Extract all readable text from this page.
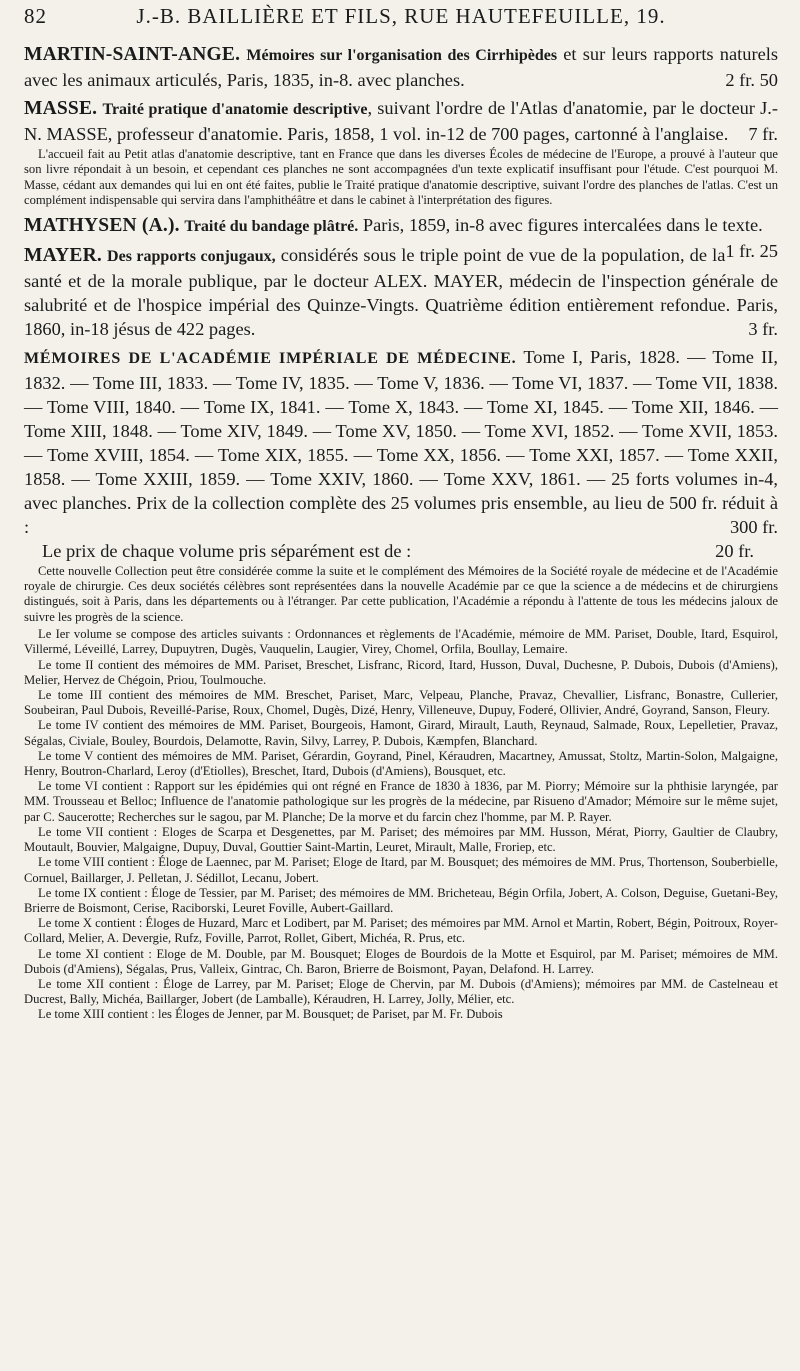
82	J.-B. BAILLIÈRE ET FILS, RUE HAUTEFEUILLE, 19.

MARTIN-SAINT-ANGE. Mémoires sur l'organisation des Cirrhipèdes et sur leurs rapports naturels avec les animaux articulés, Paris, 1835, in-8. avec planches.	2 fr. 50

MASSE. Traité pratique d'anatomie descriptive, suivant l'ordre de l'Atlas d'anatomie, par le docteur J.-N. MASSE, professeur d'anatomie. Paris, 1858, 1 vol. in-12 de 700 pages, cartonné à l'anglaise. 7 fr.

L'accueil fait au Petit atlas d'anatomie descriptive, tant en France que dans les diverses Écoles de médecine de l'Europe, a prouvé à l'auteur que son livre répondait à un besoin, et cependant ces planches ne sont accompagnées d'un texte explicatif insuffisant pour l'étude. C'est pourquoi M. Masse, cédant aux demandes qui lui en ont été faites, publie le Traité pratique d'anatomie descriptive, suivant l'ordre des planches de l'atlas. C'est un complément indispensable qui servira dans l'amphithéâtre et dans le cabinet à l'interprétation des figures.

MATHYSEN (A.). Traité du bandage plâtré. Paris, 1859, in-8 avec figures intercalées dans le texte.
1 fr. 25

MAYER. Des rapports conjugaux, considérés sous le triple point de vue de la population, de la santé et de la morale publique, par le docteur ALEX. MAYER, médecin de l'inspection générale de salubrité et de l'hospice impérial des Quinze-Vingts. Quatrième édition entièrement refondue. Paris, 1860, in-18 jésus de 422 pages.	3 fr.

MÉMOIRES DE L'ACADÉMIE IMPÉRIALE DE MÉDECINE. Tome I, Paris, 1828. — Tome II, 1832. — Tome III, 1833. — Tome IV, 1835. — Tome V, 1836. — Tome VI, 1837. — Tome VII, 1838. — Tome VIII, 1840. — Tome IX, 1841. — Tome X, 1843. — Tome XI, 1845. — Tome XII, 1846. — Tome XIII, 1848. — Tome XIV, 1849. — Tome XV, 1850. — Tome XVI, 1852. — Tome XVII, 1853. — Tome XVIII, 1854. — Tome XIX, 1855. — Tome XX, 1856. — Tome XXI, 1857. — Tome XXII, 1858. — Tome XXIII, 1859. — Tome XXIV, 1860. — Tome XXV, 1861. — 25 forts volumes in-4, avec planches. Prix de la collection complète des 25 volumes pris ensemble, au lieu de 500 fr. réduit à :	300 fr.

Le prix de chaque volume pris séparément est de :	20 fr.

Cette nouvelle Collection peut être considérée comme la suite et le complément des Mémoires de la Société royale de médecine et de l'Académie royale de chirurgie. Ces deux sociétés célèbres sont représentées dans la nouvelle Académie par ce que la science a de médecins et de chirurgiens distingués, soit à Paris, dans les départements ou à l'étranger. Par cette publication, l'Académie a répondu à l'attente de tous les médecins jaloux de suivre les progrès de la science.

Le Ier volume se compose des articles suivants : Ordonnances et règlements de l'Académie, mémoire de MM. Pariset, Double, Itard, Esquirol, Villermé, Léveillé, Larrey, Dupuytren, Dugès, Vauquelin, Laugier, Virey, Chomel, Orfila, Boullay, Lemaire.
Le tome II contient des mémoires de MM. Pariset, Breschet, Lisfranc, Ricord, Itard, Husson, Duval, Duchesne, P. Dubois, Dubois (d'Amiens), Melier, Hervez de Chégoin, Priou, Toulmouche.
Le tome III contient des mémoires de MM. Breschet, Pariset, Marc, Velpeau, Planche, Pravaz, Chevallier, Lisfranc, Bonastre, Cullerier, Soubeiran, Paul Dubois, Reveillé-Parise, Roux, Chomel, Dugès, Dizé, Henry, Villeneuve, Dupuy, Foderé, Ollivier, André, Goyrand, Sanson, Fleury.
Le tome IV contient des mémoires de MM. Pariset, Bourgeois, Hamont, Girard, Mirault, Lauth, Reynaud, Salmade, Roux, Lepelletier, Pravaz, Ségalas, Civiale, Bouley, Bourdois, Delamotte, Ravin, Silvy, Larrey, P. Dubois, Kæmpfen, Blanchard.
Le tome V contient des mémoires de MM. Pariset, Gérardin, Goyrand, Pinel, Kéraudren, Macartney, Amussat, Stoltz, Martin-Solon, Malgaigne, Henry, Boutron-Charlard, Leroy (d'Etiolles), Breschet, Itard, Dubois (d'Amiens), Bousquet, etc.
Le tome VI contient : Rapport sur les épidémies qui ont régné en France de 1830 à 1836, par M. Piorry; Mémoire sur la phthisie laryngée, par MM. Trousseau et Belloc; Influence de l'anatomie pathologique sur les progrès de la médecine, par Risueno d'Amador; Mémoire sur le même sujet, par C. Saucerotte; Recherches sur le sagou, par M. Planche; De la morve et du farcin chez l'homme, par M. P. Rayer.
Le tome VII contient : Eloges de Scarpa et Desgenettes, par M. Pariset; des mémoires par MM. Husson, Mérat, Piorry, Gaultier de Claubry, Moutault, Bouvier, Malgaigne, Dupuy, Duval, Gouttier Saint-Martin, Leuret, Mirault, Malle, Froriep, etc.
Le tome VIII contient : Éloge de Laennec, par M. Pariset; Eloge de Itard, par M. Bousquet; des mémoires de MM. Prus, Thortenson, Souberbielle, Cornuel, Baillarger, J. Pelletan, J. Sédillot, Lecanu, Jobert.
Le tome IX contient : Éloge de Tessier, par M. Pariset; des mémoires de MM. Bricheteau, Bégin Orfila, Jobert, A. Colson, Deguise, Guetani-Bey, Brierre de Boismont, Cerise, Raciborski, Leuret Foville, Aubert-Gaillard.
Le tome X contient : Éloges de Huzard, Marc et Lodibert, par M. Pariset; des mémoires par MM. Arnol et Martin, Robert, Bégin, Poitroux, Royer-Collard, Melier, A. Devergie, Rufz, Foville, Parrot, Rollet, Gibert, Michéa, R. Prus, etc.
Le tome XI contient : Eloge de M. Double, par M. Bousquet; Eloges de Bourdois de la Motte et Esquirol, par M. Pariset; mémoires de MM. Dubois (d'Amiens), Ségalas, Prus, Valleix, Gintrac, Ch. Baron, Brierre de Boismont, Payan, Delafond. H. Larrey.
Le tome XII contient : Éloge de Larrey, par M. Pariset; Eloge de Chervin, par M. Dubois (d'Amiens); mémoires par MM. de Castelneau et Ducrest, Bally, Michéa, Baillarger, Jobert (de Lamballe), Kéraudren, H. Larrey, Jolly, Mélier, etc.
Le tome XIII contient : les Éloges de Jenner, par M. Bousquet; de Pariset, par M. Fr. Dubois
